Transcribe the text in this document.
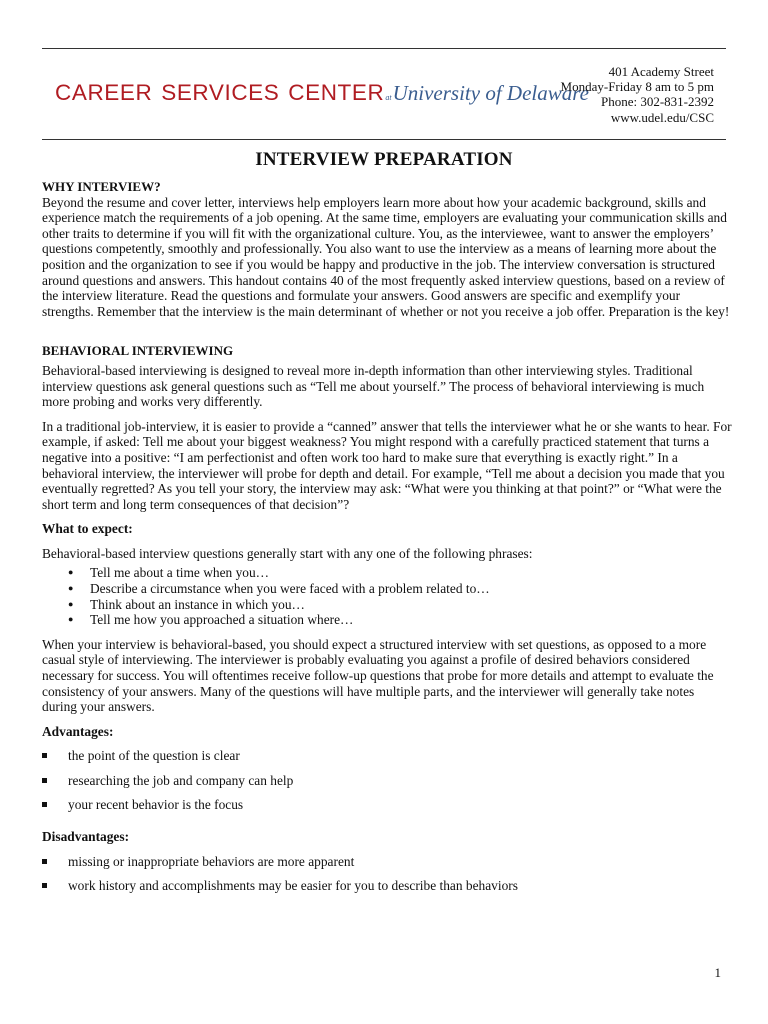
CAREER SERVICES CENTERatUniversity of Delaware
401 Academy Street
Monday-Friday 8 am to 5 pm
Phone: 302-831-2392
www.udel.edu/CSC
INTERVIEW PREPARATION

WHY INTERVIEW?

Beyond the resume and cover letter, interviews help employers learn more about how your academic background, skills and experience match the requirements of a job opening. At the same time, employers are evaluating your communication skills and other traits to determine if you will fit with the organizational culture. You, as the interviewee, want to answer the employers’ questions competently, smoothly and professionally. You also want to use the interview as a means of learning more about the position and the organization to see if you would be happy and productive in the job. The interview conversation is structured around questions and answers. This handout contains 40 of the most frequently asked interview questions, based on a review of the interview literature. Read the questions and formulate your answers. Good answers are specific and exemplify your strengths. Remember that the interview is the main determinant of whether or not you receive a job offer. Preparation is the key!

BEHAVIORAL INTERVIEWING

Behavioral-based interviewing is designed to reveal more in-depth information than other interviewing styles. Traditional interview questions ask general questions such as “Tell me about yourself.” The process of behavioral interviewing is much more probing and works very differently.

In a traditional job-interview, it is easier to provide a “canned” answer that tells the interviewer what he or she wants to hear. For example, if asked: Tell me about your biggest weakness? You might respond with a carefully practiced statement that turns a negative into a positive: “I am perfectionist and often work too hard to make sure that everything is exactly right.” In a behavioral interview, the interviewer will probe for depth and detail. For example, “Tell me about a decision you made that you eventually regretted? As you tell your story, the interview may ask: “What were you thinking at that point?” or “What were the short term and long term consequences of that decision”?

What to expect:

Behavioral-based interview questions generally start with any one of the following phrases:

● Tell me about a time when you…
● Describe a circumstance when you were faced with a problem related to…
● Think about an instance in which you…
● Tell me how you approached a situation where…

When your interview is behavioral-based, you should expect a structured interview with set questions, as opposed to a more casual style of interviewing. The interviewer is probably evaluating you against a profile of desired behaviors considered necessary for success. You will oftentimes receive follow-up questions that probe for more details and attempt to evaluate the consistency of your answers. Many of the questions will have multiple parts, and the interviewer will generally take notes during your answers.

Advantages:

the point of the question is clear
researching the job and company can help
your recent behavior is the focus

Disadvantages:

missing or inappropriate behaviors are more apparent
work history and accomplishments may be easier for you to describe than behaviors
1
